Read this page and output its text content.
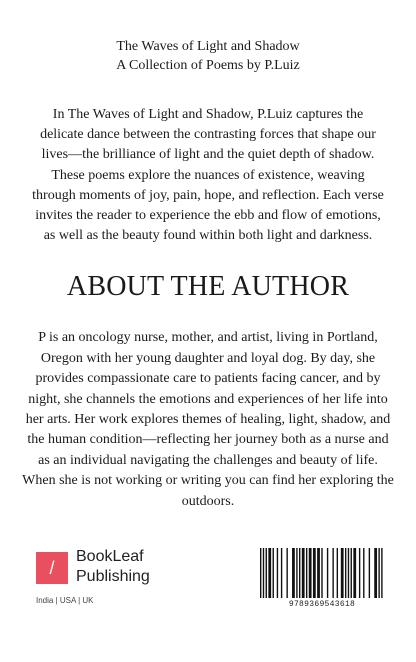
The Waves of Light and Shadow
A Collection of Poems by P.Luiz
In The Waves of Light and Shadow, P.Luiz captures the delicate dance between the contrasting forces that shape our lives—the brilliance of light and the quiet depth of shadow. These poems explore the nuances of existence, weaving through moments of joy, pain, hope, and reflection. Each verse invites the reader to experience the ebb and flow of emotions, as well as the beauty found within both light and darkness.
ABOUT THE AUTHOR
P is an oncology nurse, mother, and artist, living in Portland, Oregon with her young daughter and loyal dog. By day, she provides compassionate care to patients facing cancer, and by night, she channels the emotions and experiences of her life into her arts. Her work explores themes of healing, light, shadow, and the human condition—reflecting her journey both as a nurse and as an individual navigating the challenges and beauty of life. When she is not working or writing you can find her exploring the outdoors.
/
BookLeaf
Publishing
India | USA | UK	9789369543618
